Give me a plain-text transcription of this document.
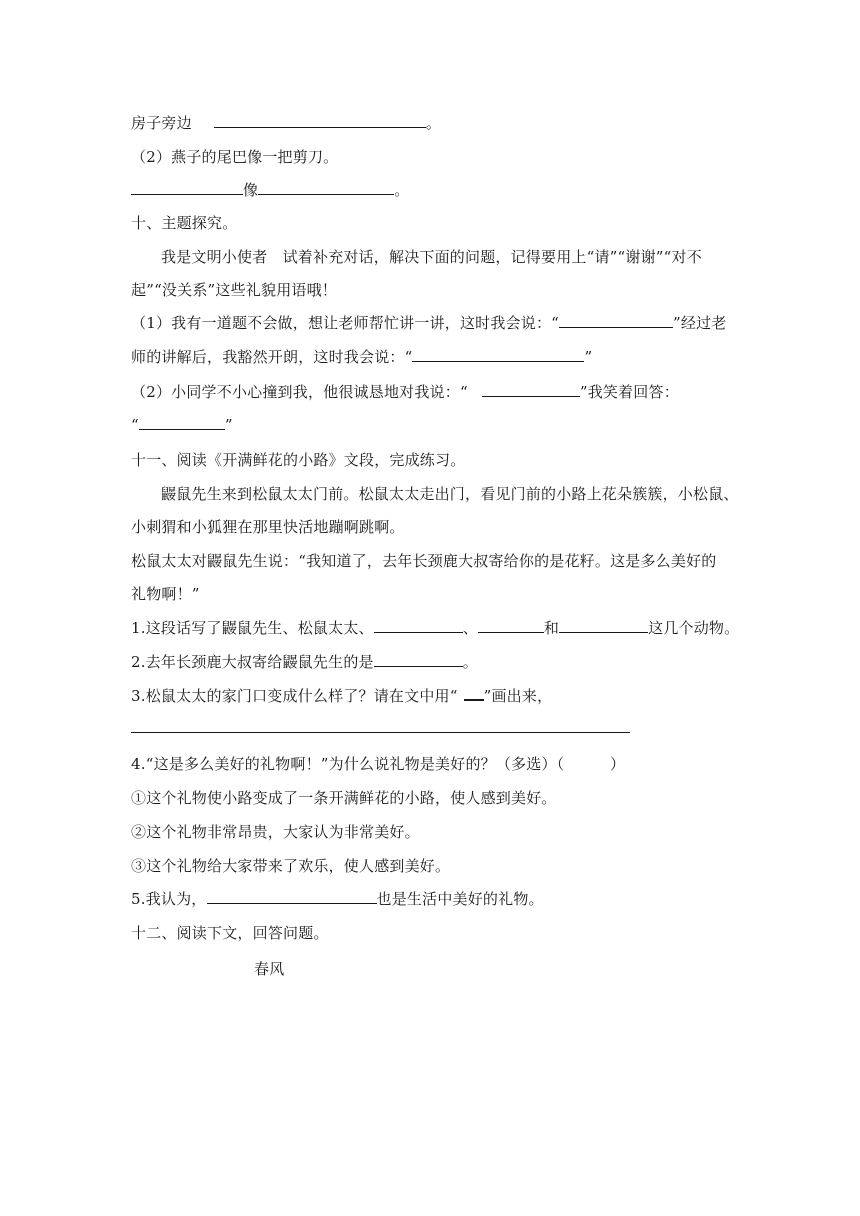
房子旁边	。
（2）燕子的尾巴像一把剪刀。
像	。
十、主题探究。
我是文明小使者　试着补充对话，解决下面的问题，记得要用上“请”“谢谢”“对不
起”“没关系”这些礼貌用语哦！
（1）我有一道题不会做，想让老师帮忙讲一讲，这时我会说：“	”经过老
师的讲解后，我豁然开朗，这时我会说：“	”
（2）小同学不小心撞到我，他很诚恳地对我说：“	”我笑着回答：
“	”
十一、阅读《开满鲜花的小路》文段，完成练习。
鼹鼠先生来到松鼠太太门前。松鼠太太走出门，看见门前的小路上花朵簇簇，小松鼠、
小刺猬和小狐狸在那里快活地蹦啊跳啊。
松鼠太太对鼹鼠先生说：“我知道了，去年长颈鹿大叔寄给你的是花籽。这是多么美好的
礼物啊！”
1.这段话写了鼹鼠先生、松鼠太太、	、	和	这几个动物。
2.去年长颈鹿大叔寄给鼹鼠先生的是	。
3.松鼠太太的家门口变成什么样了？请在文中用“ ”画出来，
4.“这是多么美好的礼物啊！”为什么说礼物是美好的？（多选）（　　　）
①这个礼物使小路变成了一条开满鲜花的小路，使人感到美好。
②这个礼物非常昂贵，大家认为非常美好。
③这个礼物给大家带来了欢乐，使人感到美好。
5.我认为，	也是生活中美好的礼物。
十二、阅读下文，回答问题。
春风
